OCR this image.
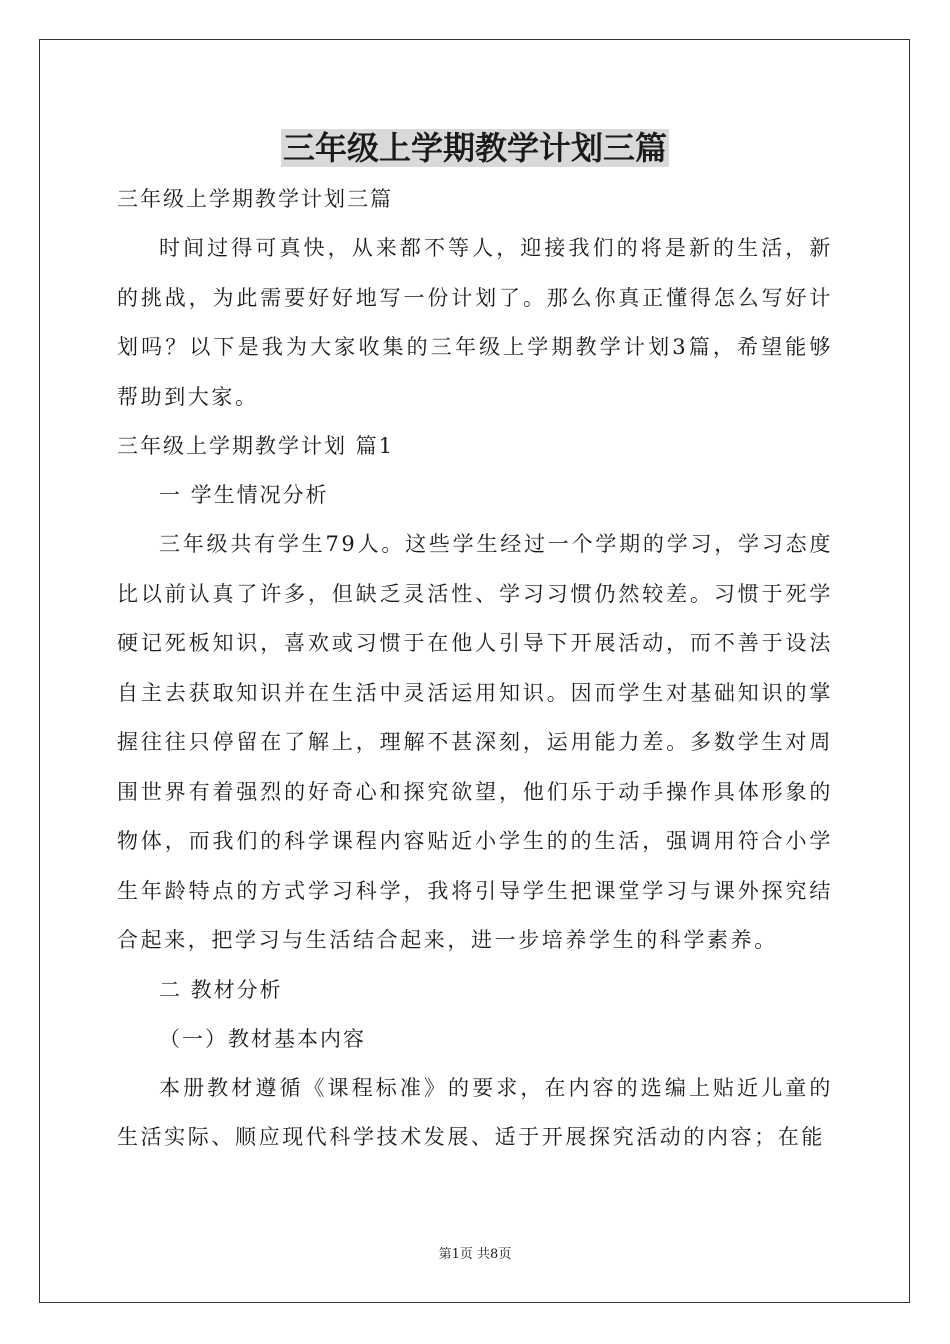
三年级上学期教学计划三篇

三年级上学期教学计划三篇

时间过得可真快，从来都不等人，迎接我们的将是新的生活，新的挑战，为此需要好好地写一份计划了。那么你真正懂得怎么写好计划吗？以下是我为大家收集的三年级上学期教学计划3篇，希望能够帮助到大家。

三年级上学期教学计划 篇1

一 学生情况分析

三年级共有学生79人。这些学生经过一个学期的学习，学习态度比以前认真了许多，但缺乏灵活性、学习习惯仍然较差。习惯于死学硬记死板知识，喜欢或习惯于在他人引导下开展活动，而不善于设法自主去获取知识并在生活中灵活运用知识。因而学生对基础知识的掌握往往只停留在了解上，理解不甚深刻，运用能力差。多数学生对周围世界有着强烈的好奇心和探究欲望，他们乐于动手操作具体形象的物体，而我们的科学课程内容贴近小学生的的生活，强调用符合小学生年龄特点的方式学习科学，我将引导学生把课堂学习与课外探究结合起来，把学习与生活结合起来，进一步培养学生的科学素养。

二 教材分析

（一）教材基本内容

本册教材遵循《课程标准》的要求，在内容的选编上贴近儿童的生活实际、顺应现代科学技术发展、适于开展探究活动的内容；在能

第1页 共8页
